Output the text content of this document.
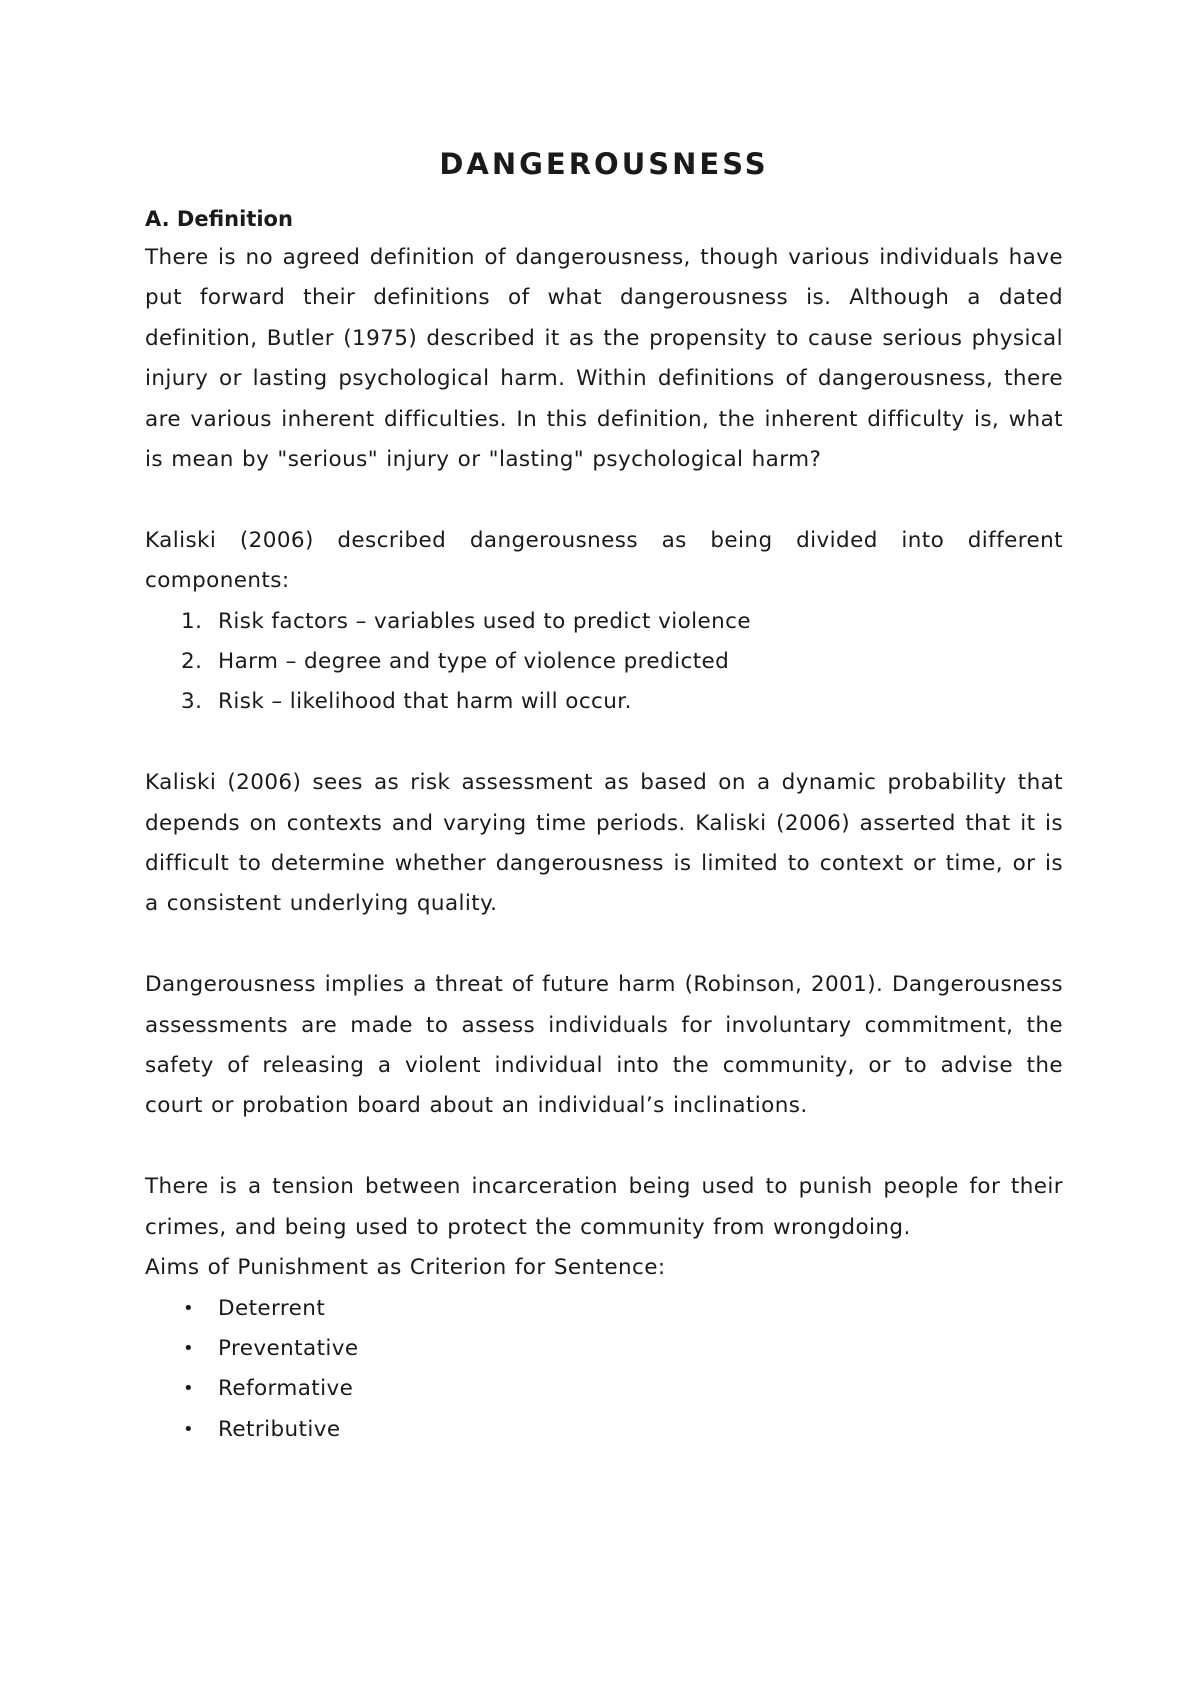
DANGEROUSNESS
A. Definition

There is no agreed definition of dangerousness, though various individuals have put forward their definitions of what dangerousness is. Although a dated definition, Butler (1975) described it as the propensity to cause serious physical injury or lasting psychological harm. Within definitions of dangerousness, there are various inherent difficulties. In this definition, the inherent difficulty is, what is mean by "serious" injury or "lasting" psychological harm?

Kaliski (2006) described dangerousness as being divided into different components:

1. Risk factors – variables used to predict violence
2. Harm – degree and type of violence predicted
3. Risk – likelihood that harm will occur.

Kaliski (2006) sees as risk assessment as based on a dynamic probability that depends on contexts and varying time periods. Kaliski (2006) asserted that it is difficult to determine whether dangerousness is limited to context or time, or is a consistent underlying quality.

Dangerousness implies a threat of future harm (Robinson, 2001). Dangerousness assessments are made to assess individuals for involuntary commitment, the safety of releasing a violent individual into the community, or to advise the court or probation board about an individual’s inclinations.

There is a tension between incarceration being used to punish people for their crimes, and being used to protect the community from wrongdoing.

Aims of Punishment as Criterion for Sentence:

• Deterrent
• Preventative
• Reformative
• Retributive
